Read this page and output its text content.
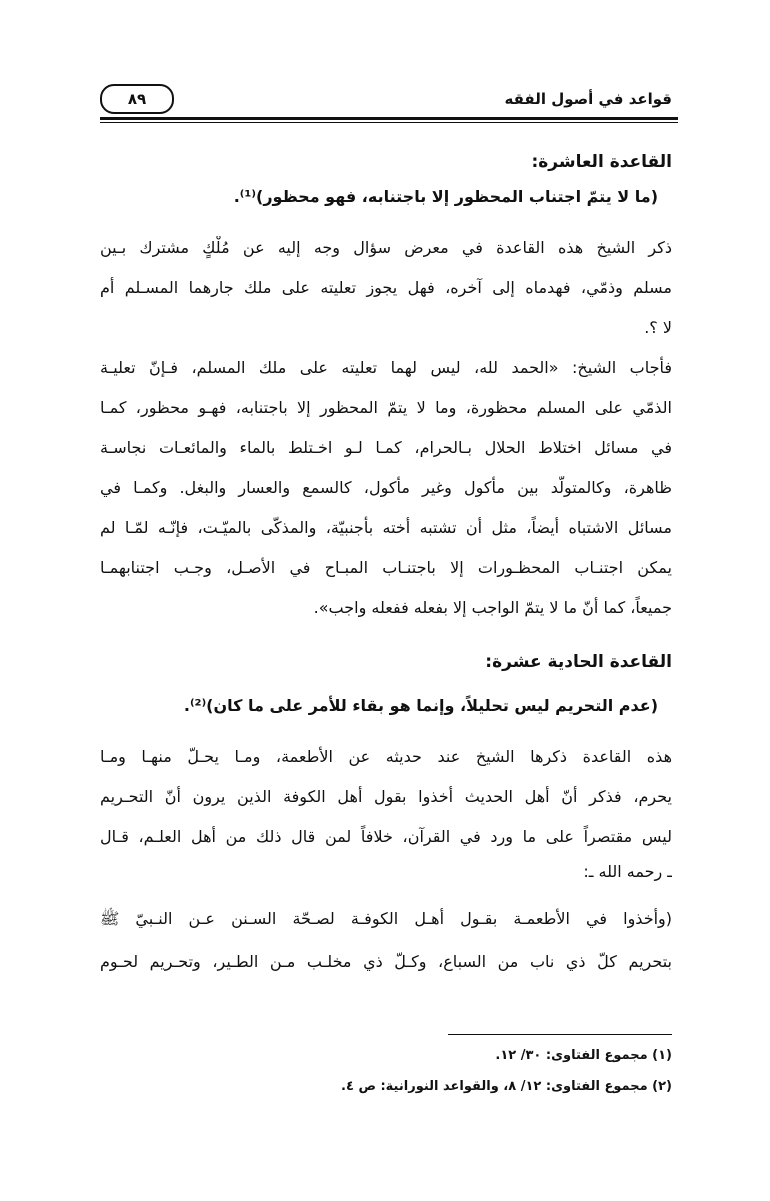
قواعد في أصول الفقه
٨٩
القاعدة العاشرة:
(ما لا يتمّ اجتناب المحظور إلا باجتنابه، فهو محظور)⁽¹⁾.
ذكر الشيخ هذه القاعدة في معرض سؤال وجه إليه عن مُلْكٍ مشترك بـين
مسلم وذمّي، فهدماه إلى آخره، فهل يجوز تعليته على ملك جارهما المسـلم أم
لا ؟.
فأجاب الشيخ: «الحمد لله، ليس لهما تعليته على ملك المسلم، فـإنّ تعليـة
الذمّي على المسلم محظورة، وما لا يتمّ المحظور إلا باجتنابه، فهـو محظور، كمـا
في مسائل اختلاط الحلال بـالحرام، كمـا لـو اخـتلط بالماء والمائعـات نجاسـة
ظاهرة، وكالمتولّد بين مأكول وغير مأكول، كالسمع والعسار والبغل. وكمـا في
مسائل الاشتباه أيضاً، مثل أن تشتبه أخته بأجنبيّة، والمذكّى بالميّـت، فإنّـه لمّـا لم
يمكن اجتنـاب المحظـورات إلا باجتنـاب المبـاح في الأصـل، وجـب اجتنابهمـا
جميعاً، كما أنّ ما لا يتمّ الواجب إلا بفعله ففعله واجب».
القاعدة الحادية عشرة:
(عدم التحريم ليس تحليلاً، وإنما هو بقاء للأمر على ما كان)⁽²⁾.
هذه القاعدة ذكرها الشيخ عند حديثه عن الأطعمة، ومـا يحـلّ منهـا ومـا
يحرم، فذكر أنّ أهل الحديث أخذوا بقول أهل الكوفة الذين يرون أنّ التحـريم
ليس مقتصراً على ما ورد في القرآن، خلافاً لمن قال ذلك من أهل العلـم، قـال
ـ رحمه الله ـ:
(وأخذوا في الأطعمـة بقـول أهـل الكوفـة لصـحّة السـنن عـن النـبيّ ﷺ
بتحريم كلّ ذي ناب من السباع، وكـلّ ذي مخلـب مـن الطـير، وتحـريم لحـوم
(١) مجموع الفتاوى: ٣٠/ ١٢.
(٢) مجموع الفتاوى: ١٢/ ٨، والقواعد النورانية: ص ٤.
